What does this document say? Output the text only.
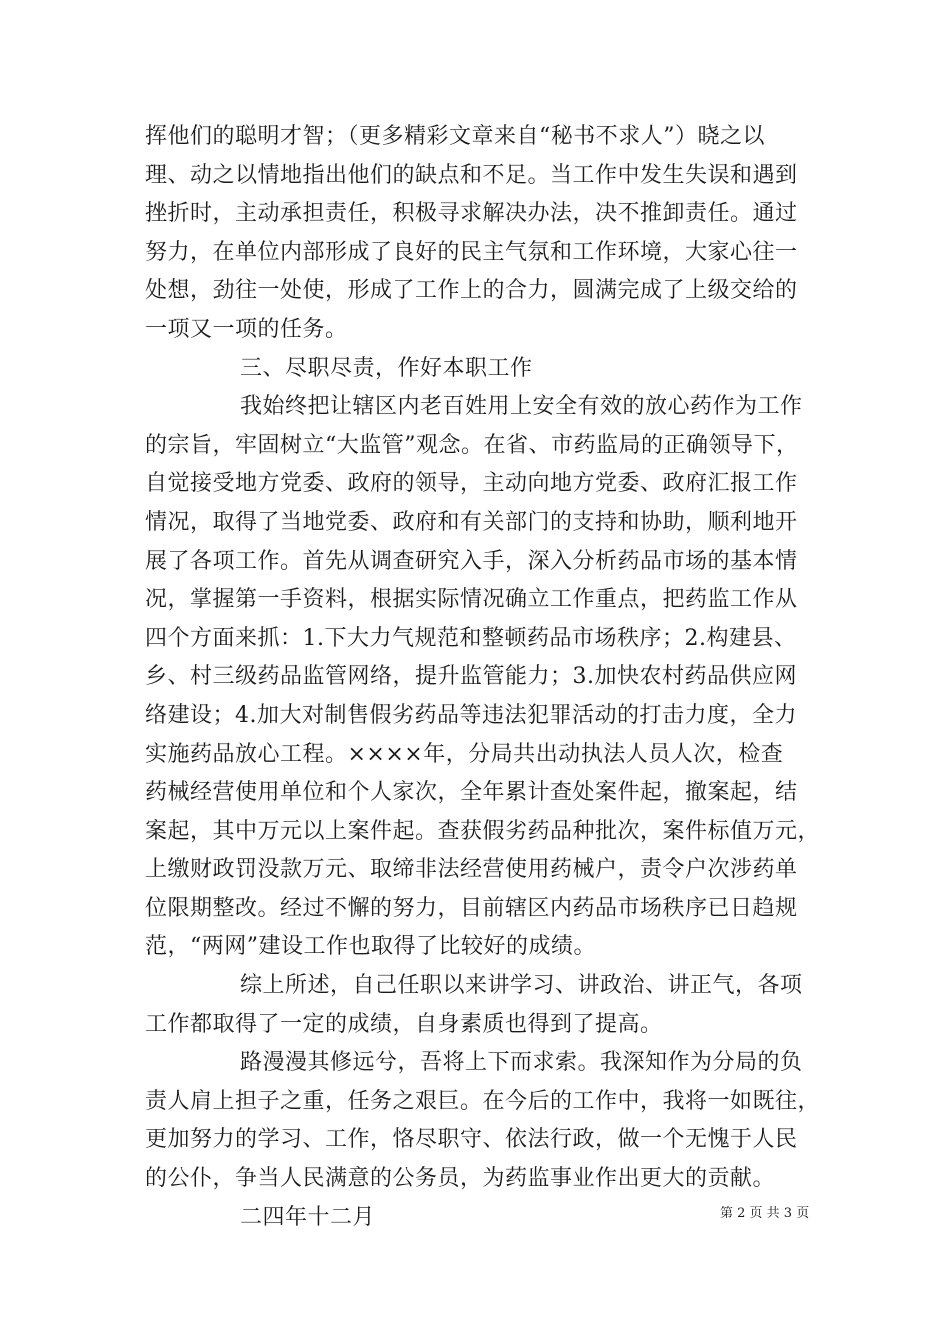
挥他们的聪明才智；（更多精彩文章来自“秘书不求人”）晓之以
理、动之以情地指出他们的缺点和不足。当工作中发生失误和遇到
挫折时，主动承担责任，积极寻求解决办法，决不推卸责任。通过
努力，在单位内部形成了良好的民主气氛和工作环境，大家心往一
处想，劲往一处使，形成了工作上的合力，圆满完成了上级交给的
一项又一项的任务。
三、尽职尽责，作好本职工作
我始终把让辖区内老百姓用上安全有效的放心药作为工作
的宗旨，牢固树立“大监管”观念。在省、市药监局的正确领导下，
自觉接受地方党委、政府的领导，主动向地方党委、政府汇报工作
情况，取得了当地党委、政府和有关部门的支持和协助，顺利地开
展了各项工作。首先从调查研究入手，深入分析药品市场的基本情
况，掌握第一手资料，根据实际情况确立工作重点，把药监工作从
四个方面来抓：1.下大力气规范和整顿药品市场秩序；2.构建县、
乡、村三级药品监管网络，提升监管能力；3.加快农村药品供应网
络建设；4.加大对制售假劣药品等违法犯罪活动的打击力度，全力
实施药品放心工程。××××年，分局共出动执法人员人次，检查
药械经营使用单位和个人家次，全年累计查处案件起，撤案起，结
案起，其中万元以上案件起。查获假劣药品种批次，案件标值万元，
上缴财政罚没款万元、取缔非法经营使用药械户，责令户次涉药单
位限期整改。经过不懈的努力，目前辖区内药品市场秩序已日趋规
范，“两网”建设工作也取得了比较好的成绩。
综上所述，自己任职以来讲学习、讲政治、讲正气，各项
工作都取得了一定的成绩，自身素质也得到了提高。
路漫漫其修远兮，吾将上下而求索。我深知作为分局的负
责人肩上担子之重，任务之艰巨。在今后的工作中，我将一如既往，
更加努力的学习、工作，恪尽职守、依法行政，做一个无愧于人民
的公仆，争当人民满意的公务员，为药监事业作出更大的贡献。
二四年十二月	第 2 页 共 3 页
